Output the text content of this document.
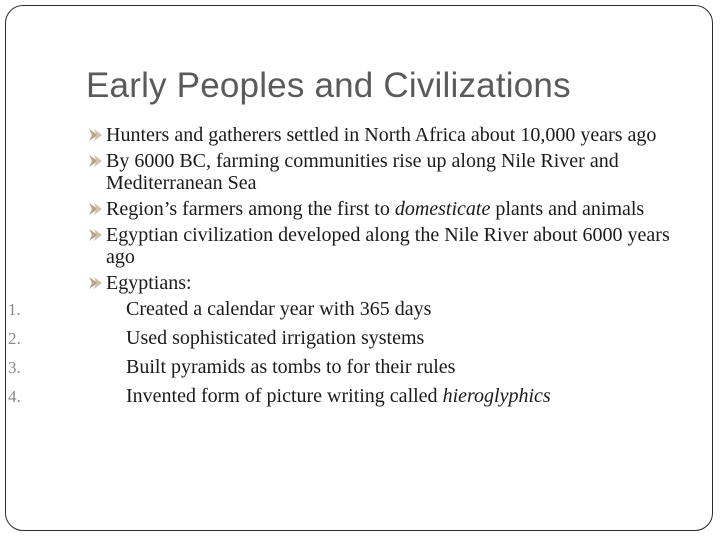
Early Peoples and Civilizations
Hunters and gatherers settled in North Africa about 10,000 years ago
By 6000 BC, farming communities rise up along Nile River and Mediterranean Sea
Region’s farmers among the first to domesticate plants and animals
Egyptian civilization developed along the Nile River about 6000 years ago
Egyptians:
1.	Created a calendar year with 365 days
2.	Used sophisticated irrigation systems
3.	Built pyramids as tombs to for their rules
4.	Invented form of picture writing called hieroglyphics
